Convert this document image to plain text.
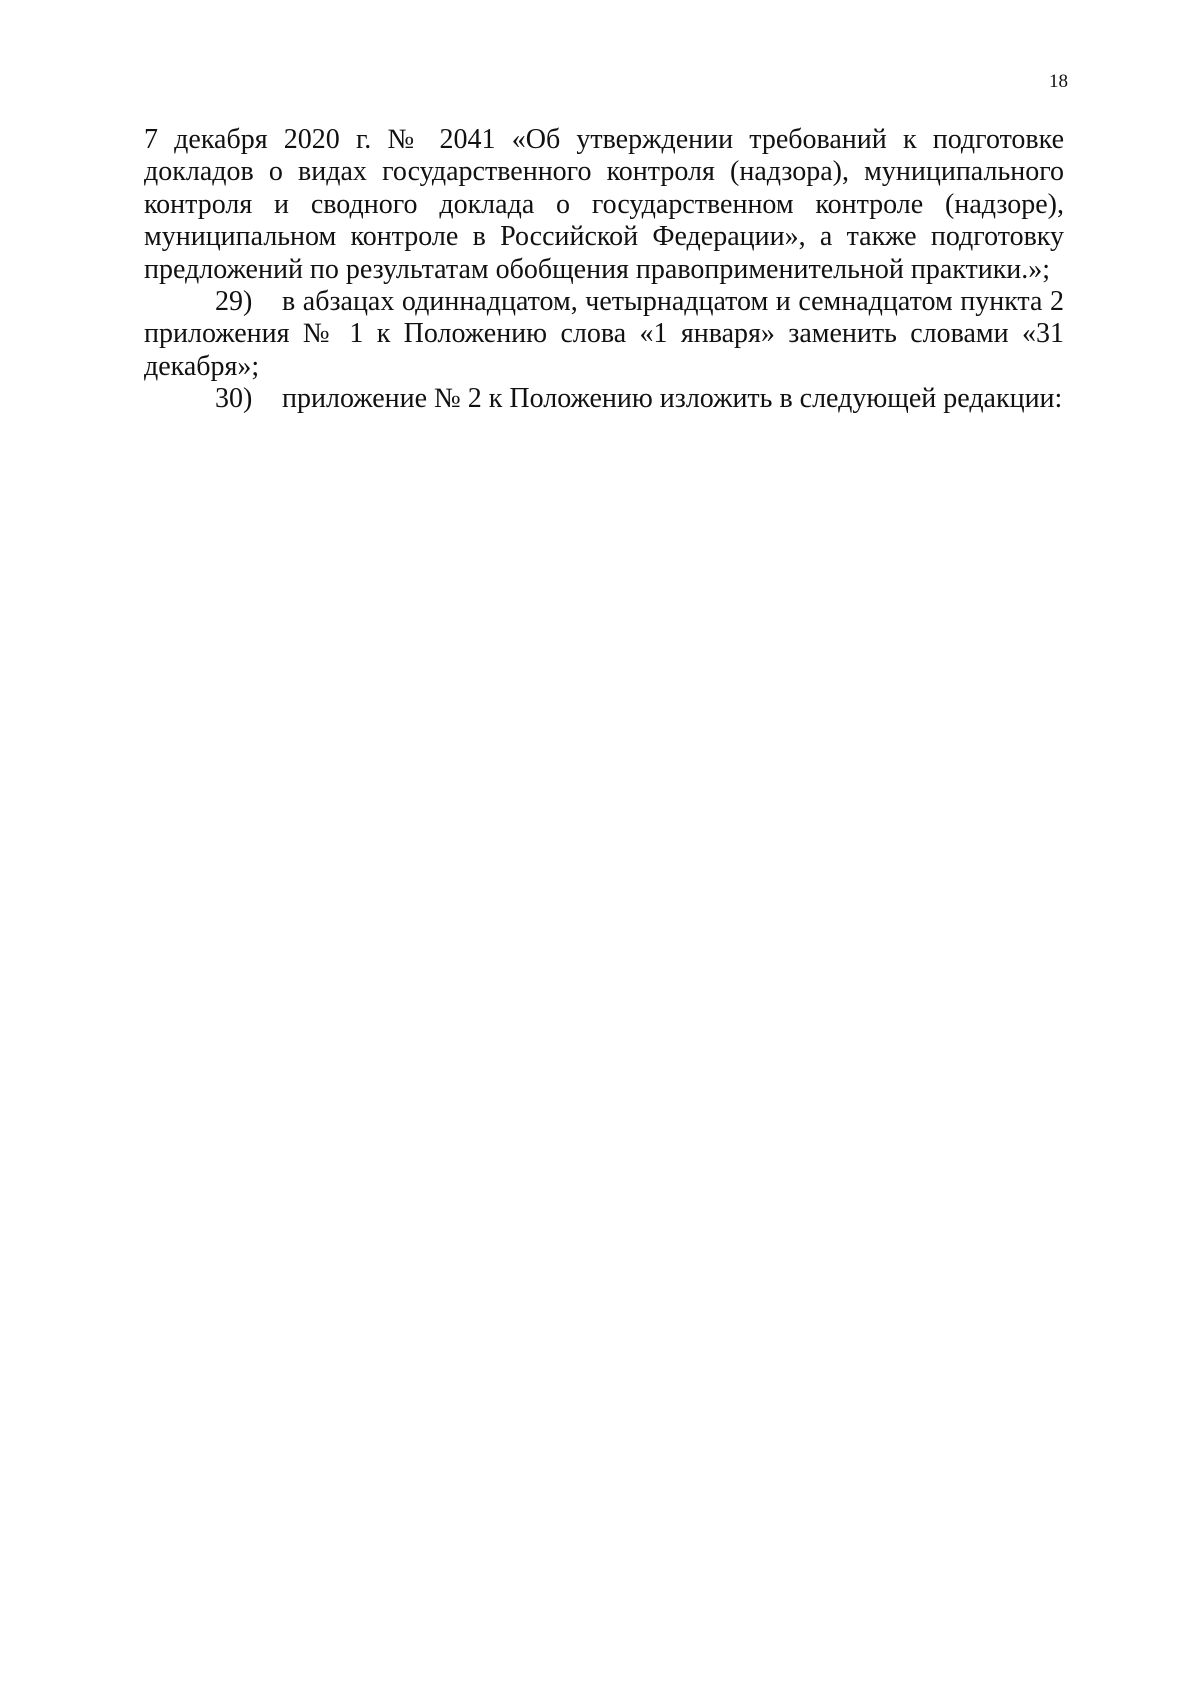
18

7 декабря 2020 г. № 2041 «Об утверждении требований к подготовке докладов о видах государственного контроля (надзора), муниципального контроля и сводного доклада о государственном контроле (надзоре), муниципальном контроле в Российской Федерации», а также подготовку предложений по результатам обобщения правоприменительной практики.»;

29) в абзацах одиннадцатом, четырнадцатом и семнадцатом пункта 2 приложения № 1 к Положению слова «1 января» заменить словами «31 декабря»;

30) приложение № 2 к Положению изложить в следующей редакции:
